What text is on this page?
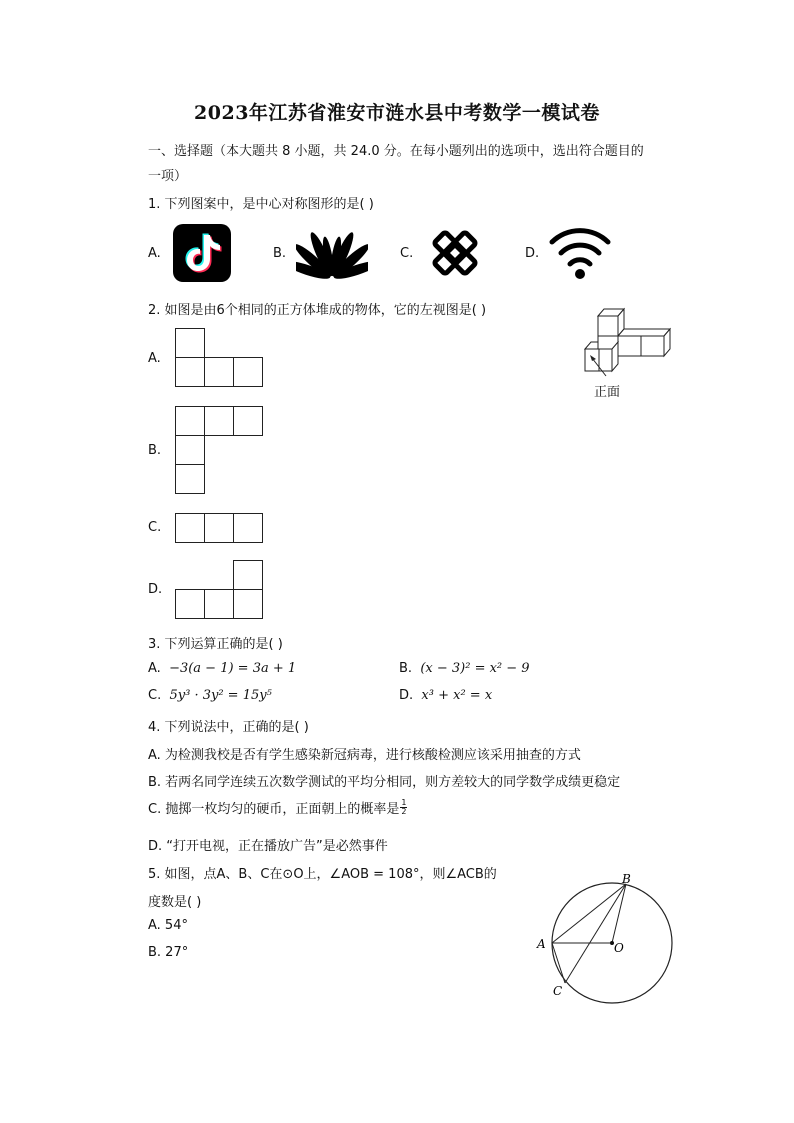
2023年江苏省淮安市涟水县中考数学一模试卷
一、选择题（本大题共 8 小题，共 24.0 分。在每小题列出的选项中，选出符合题目的
一项）
1. 下列图案中，是中心对称图形的是( )
A.	B.	C.	D.
2. 如图是由6个相同的正方体堆成的物体，它的左视图是( )
正面
A.
B.
C.
D.
3. 下列运算正确的是( )
A. −3(a − 1) = 3a + 1	B. (x − 3)² = x² − 9
C. 5y³ · 3y² = 15y⁵	D. x³ + x² = x
4. 下列说法中，正确的是( )
A. 为检测我校是否有学生感染新冠病毒，进行核酸检测应该采用抽查的方式
B. 若两名同学连续五次数学测试的平均分相同，则方差较大的同学数学成绩更稳定
C. 抛掷一枚均匀的硬币，正面朝上的概率是 $\frac{1}{2}$
D. “打开电视，正在播放广告”是必然事件
5. 如图，点A、B、C在⊙O上，∠AOB = 108°，则∠ACB的
度数是( )
A. 54°
B. 27°
B
A	O
C
